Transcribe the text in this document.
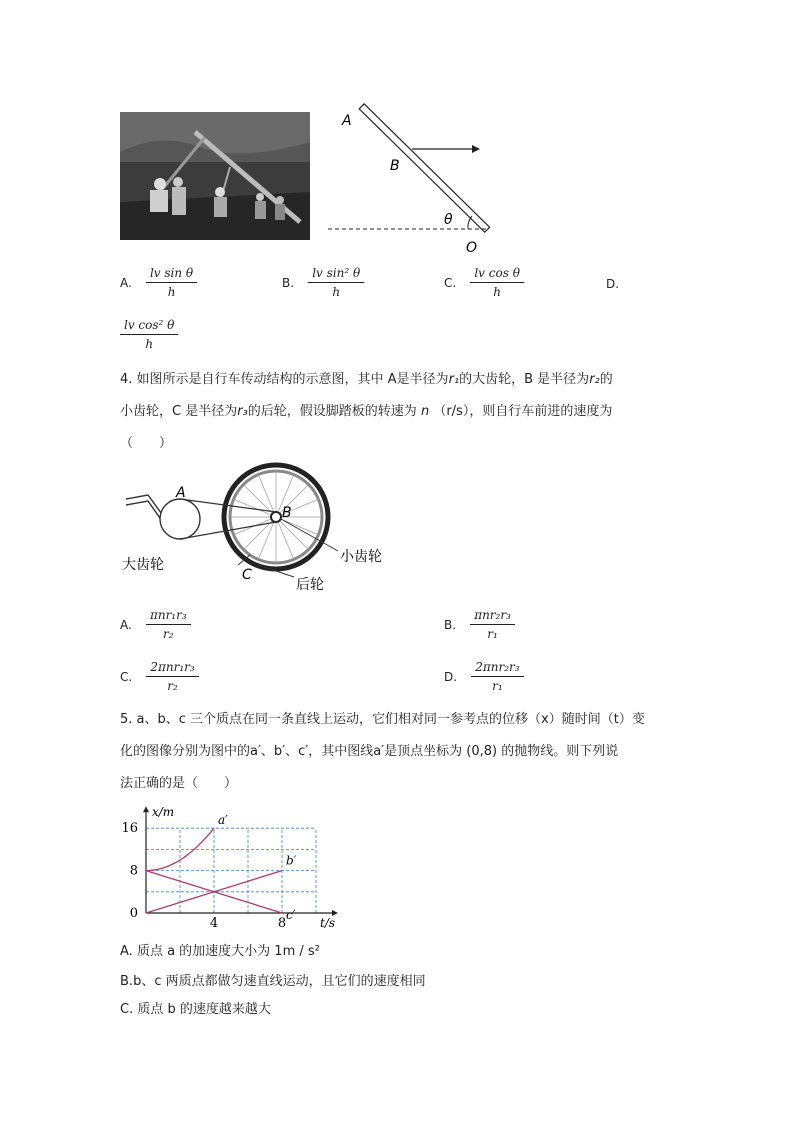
A
B
θ
O
A. $\frac{\text{lv sin θ}}{h}$	B. $\frac{\text{lv sin² θ}}{h}$	C. $\frac{\text{lv cos θ}}{h}$	D.
$\frac{\text{lv cos² θ}}{h}$
4. 如图所示是自行车传动结构的示意图，其中 A是半径为r₁的大齿轮，B 是半径为r₂的
小齿轮，C 是半径为r₃的后轮，假设脚踏板的转速为 n （r/s），则自行车前进的速度为
（　　）
A
B
C
大齿轮	小齿轮
后轮
A. $\frac{\text{πnr₁r₃}}{\text{r₂}}$	B. $\frac{\text{πnr₂r₃}}{\text{r₁}}$
C. $\frac{\text{2πnr₁r₃}}{\text{r₂}}$	D. $\frac{\text{2πnr₂r₃}}{\text{r₁}}$
5. a、b、c 三个质点在同一条直线上运动，它们相对同一参考点的位移（x）随时间（t）变
化的图像分别为图中的a′、b′、c′，其中图线a′是顶点坐标为 (0,8) 的抛物线。则下列说
法正确的是（　　）
x/m
t/s
0
8
16
4	8
a′
b′
c′
A. 质点 a 的加速度大小为 1m / s²
B.b、c 两质点都做匀速直线运动，且它们的速度相同
C. 质点 b 的速度越来越大
